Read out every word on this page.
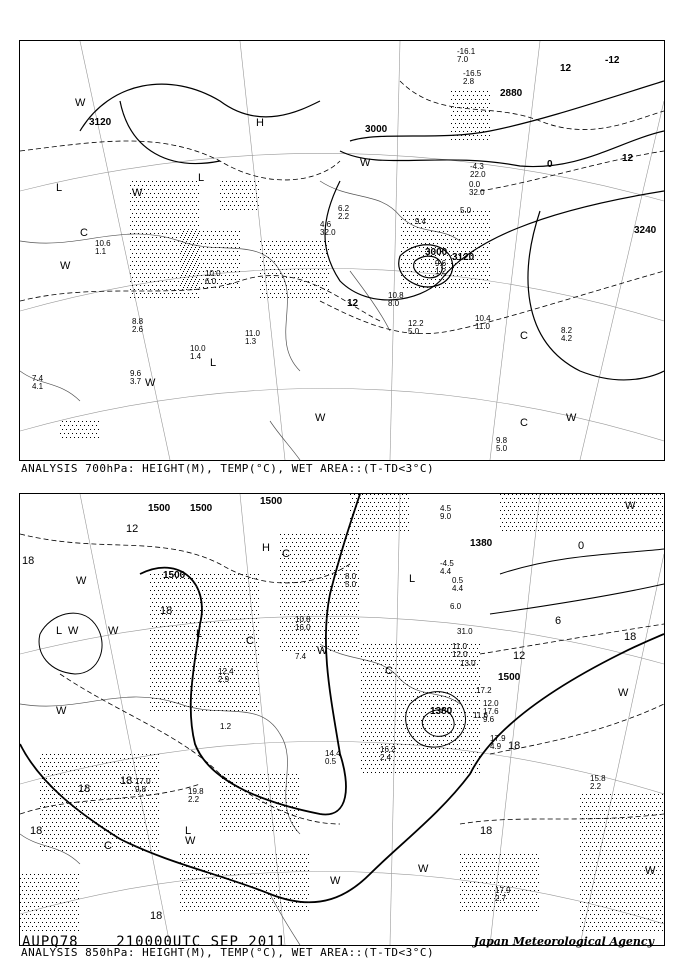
3120
3000
2880
3000 3120
3240
-12
0
12
12
12
H
L
L
W
W
W
C
C
C	W
W
W
W
L
10.4
11.0	8.2
4.2
9.8
5.0
12.2
5.0
10.8
8.0
-16.1
7.0
-16.5
2.8
-4.3
22.0
0.0
32.0
5.0
9.4
9.6
1.2
6.2
2.2
4.6
32.0
10.6
1.1
10.0
6.0
11.0
1.3
8.8
2.6
9.6
3.7
7.4
4.1
10.0
1.4
ANALYSIS 700hPa: HEIGHT(M), TEMP(°C), WET AREA::(T-TD<3°C)
1500 1500
1500
1500
1380
1380
1500
18
18
18
18
18	18
18
12
12
0
6
18
18
H
L
L
L W
W
W
W
C
C
C
W
W
W
W
W
W
C
L
W
4.5
9.0
-4.5
4.4
0.5
4.4
6.0
8.0
5.0
31.0
11.0
12.0
13.0
17.2
11.6
12.0
17.6
9.6
17.9
4.9
15.8
2.2
17.9
2.7
16.2
2.4
14.4
0.5
19.8
2.2
17.0
9.8
10.8
16.0
7.4
12.4
2.9
1.2
ANALYSIS 850hPa: HEIGHT(M), TEMP(°C), WET AREA::(T-TD<3°C)
AUPQ78	210000UTC SEP 2011	Japan Meteorological Agency
